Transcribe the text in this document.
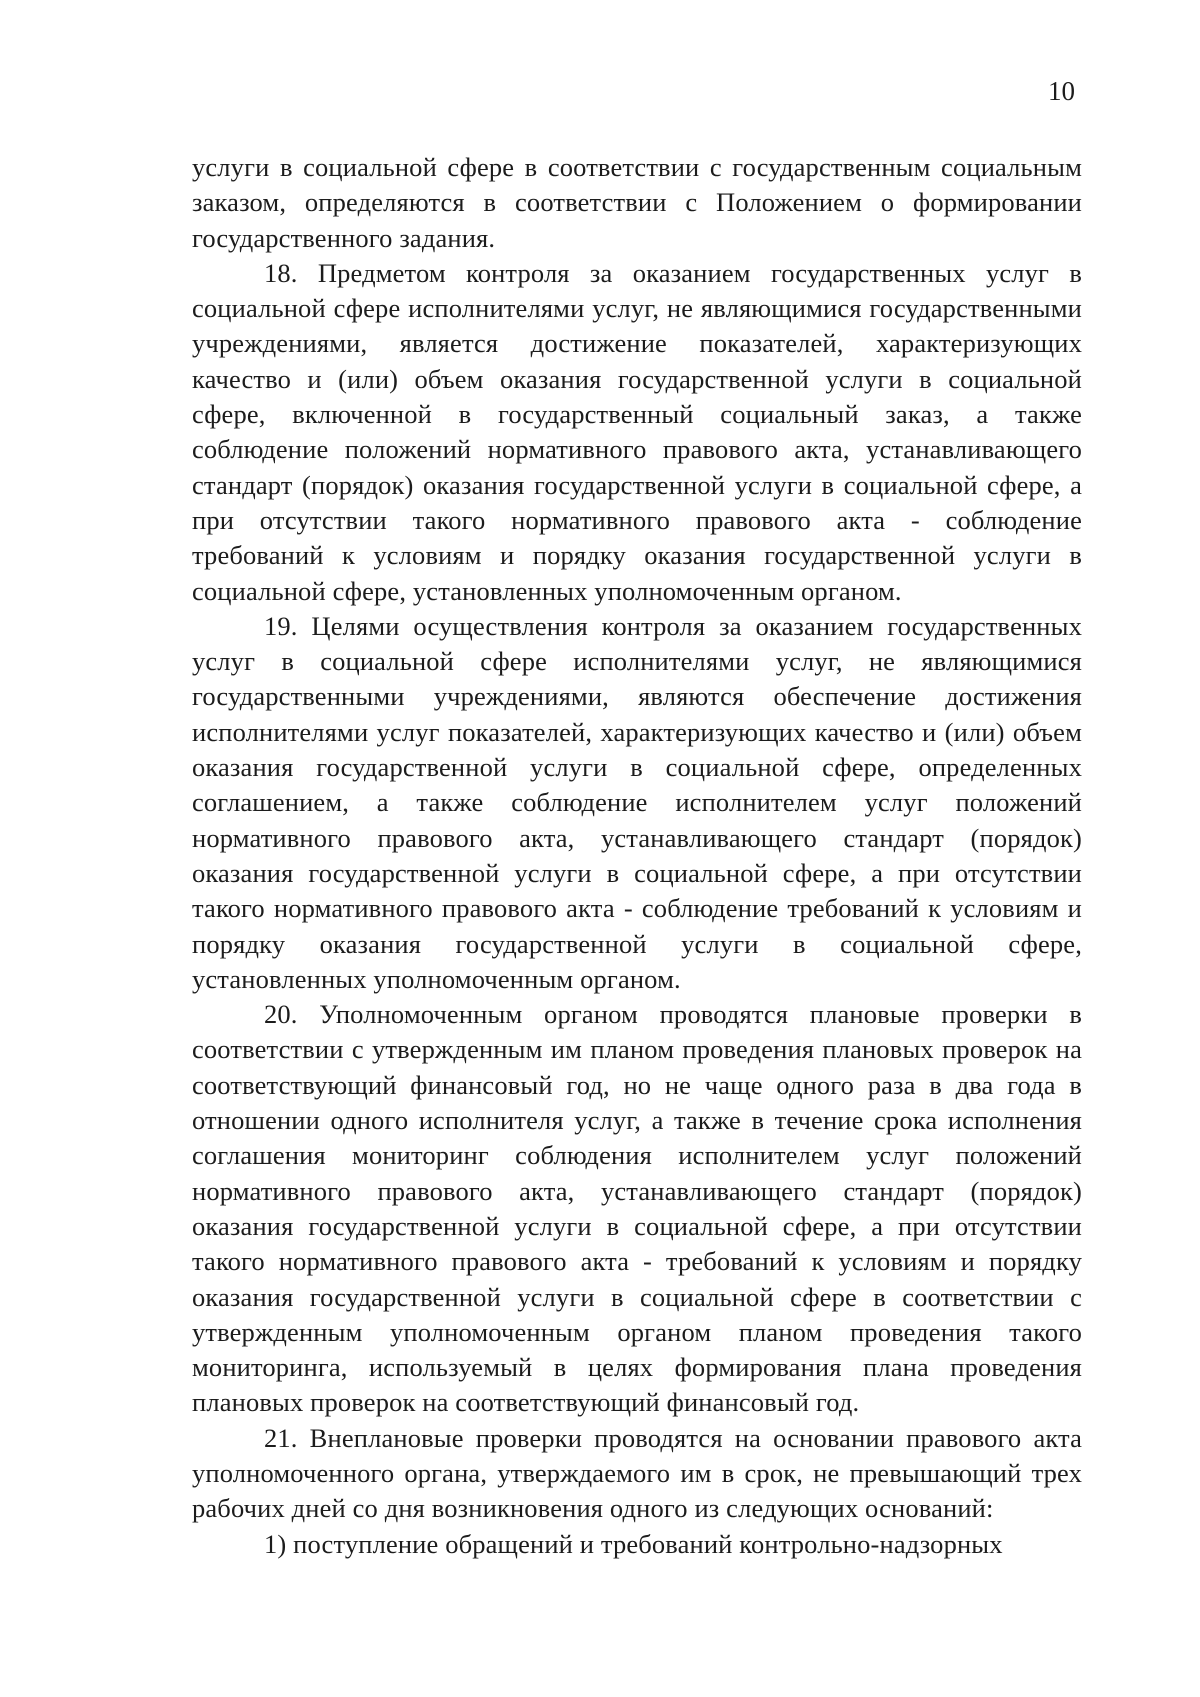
10

услуги в социальной сфере в соответствии с государственным социальным заказом, определяются в соответствии с Положением о формировании государственного задания.

18. Предметом контроля за оказанием государственных услуг в социальной сфере исполнителями услуг, не являющимися государственными учреждениями, является достижение показателей, характеризующих качество и (или) объем оказания государственной услуги в социальной сфере, включенной в государственный социальный заказ, а также соблюдение положений нормативного правового акта, устанавливающего стандарт (порядок) оказания государственной услуги в социальной сфере, а при отсутствии такого нормативного правового акта - соблюдение требований к условиям и порядку оказания государственной услуги в социальной сфере, установленных уполномоченным органом.

19. Целями осуществления контроля за оказанием государственных услуг в социальной сфере исполнителями услуг, не являющимися государственными учреждениями, являются обеспечение достижения исполнителями услуг показателей, характеризующих качество и (или) объем оказания государственной услуги в социальной сфере, определенных соглашением, а также соблюдение исполнителем услуг положений нормативного правового акта, устанавливающего стандарт (порядок) оказания государственной услуги в социальной сфере, а при отсутствии такого нормативного правового акта - соблюдение требований к условиям и порядку оказания государственной услуги в социальной сфере, установленных уполномоченным органом.

20. Уполномоченным органом проводятся плановые проверки в соответствии с утвержденным им планом проведения плановых проверок на соответствующий финансовый год, но не чаще одного раза в два года в отношении одного исполнителя услуг, а также в течение срока исполнения соглашения мониторинг соблюдения исполнителем услуг положений нормативного правового акта, устанавливающего стандарт (порядок) оказания государственной услуги в социальной сфере, а при отсутствии такого нормативного правового акта - требований к условиям и порядку оказания государственной услуги в социальной сфере в соответствии с утвержденным уполномоченным органом планом проведения такого мониторинга, используемый в целях формирования плана проведения плановых проверок на соответствующий финансовый год.

21. Внеплановые проверки проводятся на основании правового акта уполномоченного органа, утверждаемого им в срок, не превышающий трех рабочих дней со дня возникновения одного из следующих оснований:

1) поступление обращений и требований контрольно-надзорных
